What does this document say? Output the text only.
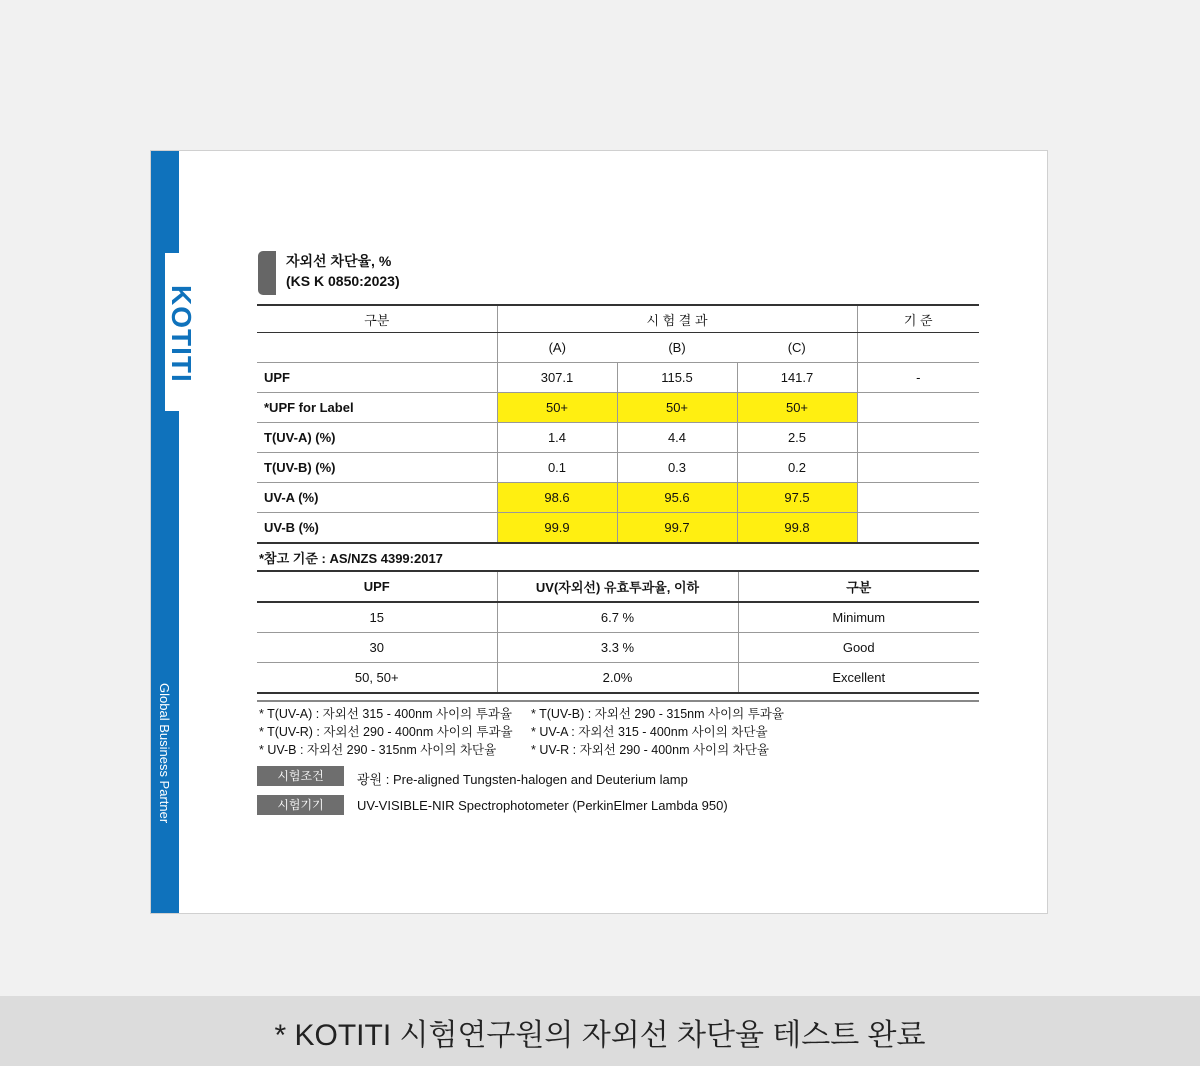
KOTITI
Global Business Partner
자외선 차단율, %
(KS K 0850:2023)
구분	시 험 결 과			기 준
	(A)	(B)	(C)	
UPF	307.1	115.5	141.7	-
*UPF for Label	50+	50+	50+	
T(UV-A) (%)	1.4	4.4	2.5	
T(UV-B) (%)	0.1	0.3	0.2	
UV-A (%)	98.6	95.6	97.5	
UV-B (%)	99.9	99.7	99.8	
*참고 기준 : AS/NZS 4399:2017
UPF	UV(자외선) 유효투과율, 이하	구분
15	6.7 %	Minimum
30	3.3 %	Good
50, 50+	2.0%	Excellent
* T(UV-A) : 자외선 315 - 400nm 사이의 투과율 * T(UV-B) : 자외선 290 - 315nm 사이의 투과율
* T(UV-R) : 자외선 290 - 400nm 사이의 투과율 * UV-A : 자외선 315 - 400nm 사이의 차단율
* UV-B : 자외선 290 - 315nm 사이의 차단율	* UV-R : 자외선 290 - 400nm 사이의 차단율
시험조건	광원 : Pre-aligned Tungsten-halogen and Deuterium lamp
시험기기	UV-VISIBLE-NIR Spectrophotometer (PerkinElmer Lambda 950)
* KOTITI 시험연구원의 자외선 차단율 테스트 완료
